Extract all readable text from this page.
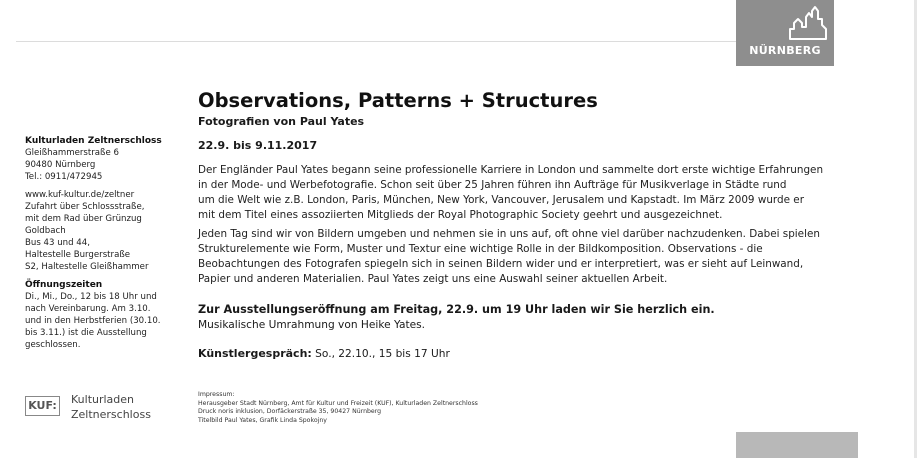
NÜRNBERG
Kulturladen Zeltnerschloss
Gleißhammerstraße 6
90480 Nürnberg
Tel.: 0911/472945
www.kuf-kultur.de/zeltner
Zufahrt über Schlossstraße,
mit dem Rad über Grünzug
Goldbach
Bus 43 und 44,
Haltestelle Burgerstraße
S2, Haltestelle Gleißhammer
Öffnungszeiten
Di., Mi., Do., 12 bis 18 Uhr und
nach Vereinbarung. Am 3.10.
und in den Herbstferien (30.10.
bis 3.11.) ist die Ausstellung
geschlossen.
KUF: Kulturladen
Zeltnerschloss
Observations, Patterns + Structures
Fotografien von Paul Yates
22.9. bis 9.11.2017
Der Engländer Paul Yates begann seine professionelle Karriere in London und sammelte dort erste wichtige Erfahrungen
in der Mode- und Werbefotografie. Schon seit über 25 Jahren führen ihn Aufträge für Musikverlage in Städte rund
um die Welt wie z.B. London, Paris, München, New York, Vancouver, Jerusalem und Kapstadt. Im März 2009 wurde er
mit dem Titel eines assoziierten Mitglieds der Royal Photographic Society geehrt und ausgezeichnet.
Jeden Tag sind wir von Bildern umgeben und nehmen sie in uns auf, oft ohne viel darüber nachzudenken. Dabei spielen
Strukturelemente wie Form, Muster und Textur eine wichtige Rolle in der Bildkomposition. Observations - die
Beobachtungen des Fotografen spiegeln sich in seinen Bildern wider und er interpretiert, was er sieht auf Leinwand,
Papier und anderen Materialien. Paul Yates zeigt uns eine Auswahl seiner aktuellen Arbeit.
Zur Ausstellungseröffnung am Freitag, 22.9. um 19 Uhr laden wir Sie herzlich ein.
Musikalische Umrahmung von Heike Yates.
Künstlergespräch: So., 22.10., 15 bis 17 Uhr
Impressum:
Herausgeber Stadt Nürnberg, Amt für Kultur und Freizeit (KUF), Kulturladen Zeltnerschloss
Druck noris inklusion, Dorfäckerstraße 35, 90427 Nürnberg
Titelbild Paul Yates, Grafik Linda Spokojny
